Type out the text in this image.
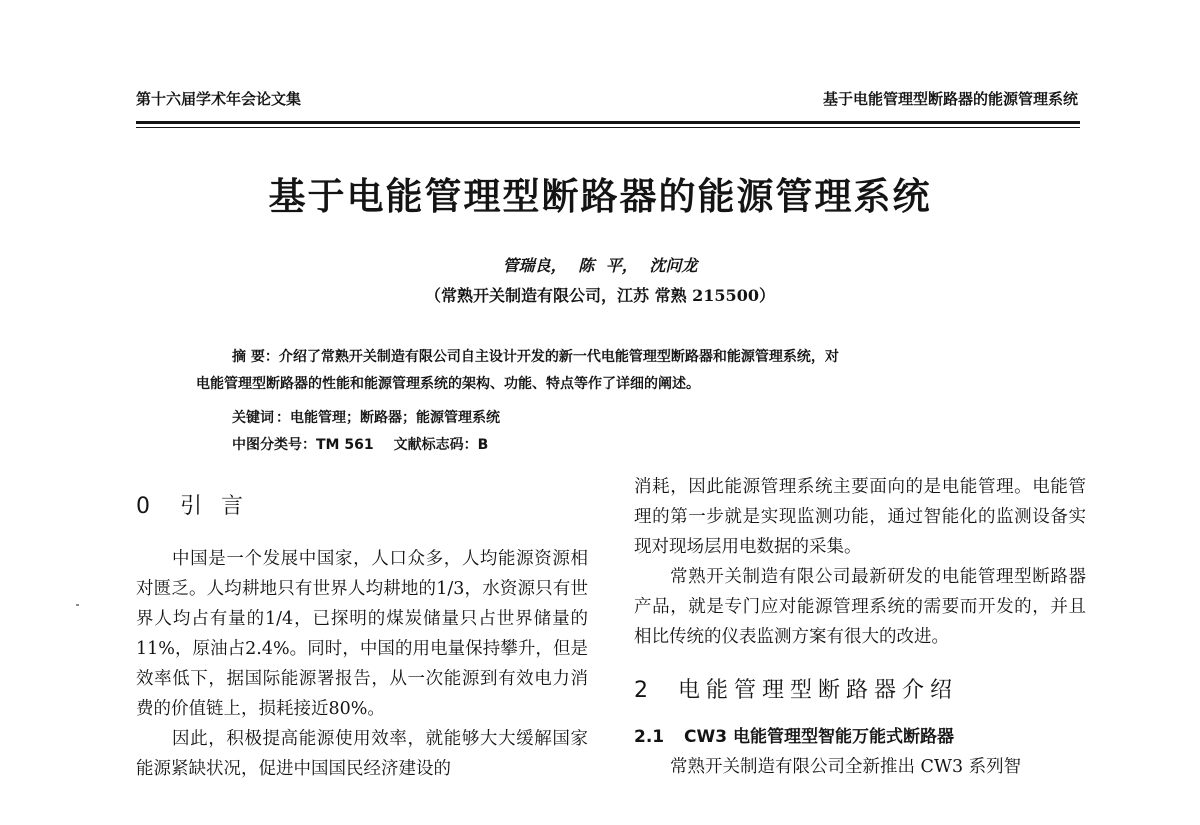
第十六届学术年会论文集	基于电能管理型断路器的能源管理系统
基于电能管理型断路器的能源管理系统
管瑞良， 陈 平， 沈问龙
（常熟开关制造有限公司，江苏 常熟 215500）
摘 要：介绍了常熟开关制造有限公司自主设计开发的新一代电能管理型断路器和能源管理系统，对
电能管理型断路器的性能和能源管理系统的架构、功能、特点等作了详细的阐述。
关键词 ：电能管理；断路器；能源管理系统
中图分类号：TM 561 文献标志码：B
0 引 言

中国是一个发展中国家，人口众多，人均能源资源相对匮乏。人均耕地只有世界人均耕地的1/3，水资源只有世界人均占有量的1/4，已探明的煤炭储量只占世界储量的11%，原油占2.4%。同时，中国的用电量保持攀升，但是效率低下，据国际能源署报告，从一次能源到有效电力消费的价值链上，损耗接近80%。

因此，积极提高能源使用效率，就能够大大缓解国家能源紧缺状况，促进中国国民经济建设的

消耗，因此能源管理系统主要面向的是电能管理。电能管理的第一步就是实现监测功能，通过智能化的监测设备实现对现场层用电数据的采集。

常熟开关制造有限公司最新研发的电能管理型断路器产品，就是专门应对能源管理系统的需要而开发的，并且相比传统的仪表监测方案有很大的改进。

2 电能管理型断路器介绍
2.1 CW3 电能管理型智能万能式断路器

常熟开关制造有限公司全新推出 CW3 系列智
